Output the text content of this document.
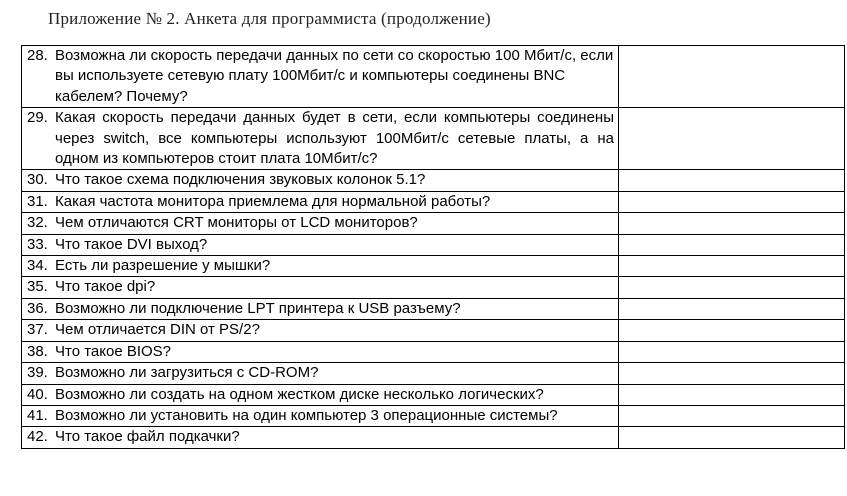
Приложение № 2. Анкета для программиста (продолжение)
28. Возможна ли скорость передачи данных по сети со скоростью 100 Мбит/с, если вы используете сетевую плату 100Мбит/с и компьютеры соединены BNC кабелем? Почему?	

29. Какая скорость передачи данных будет в сети, если компьютеры соединены через switch, все компьютеры используют 100Мбит/с сетевые платы, а на одном из компьютеров стоит плата 10Мбит/с?	

30. Что такое схема подключения звуковых колонок 5.1?	
31. Какая частота монитора приемлема для нормальной работы?	
32. Чем отличаются CRT мониторы от LCD мониторов?	
33. Что такое DVI выход?	
34. Есть ли разрешение у мышки?	
35. Что такое dpi?	
36. Возможно ли подключение LPT принтера к USB разъему?	
37. Чем отличается DIN от PS/2?	
38. Что такое BIOS?	
39. Возможно ли загрузиться с CD-ROM?	

40. Возможно ли создать на одном жестком диске несколько логических?	

41. Возможно ли установить на один компьютер 3 операционные системы?	

42. Что такое файл подкачки?	
